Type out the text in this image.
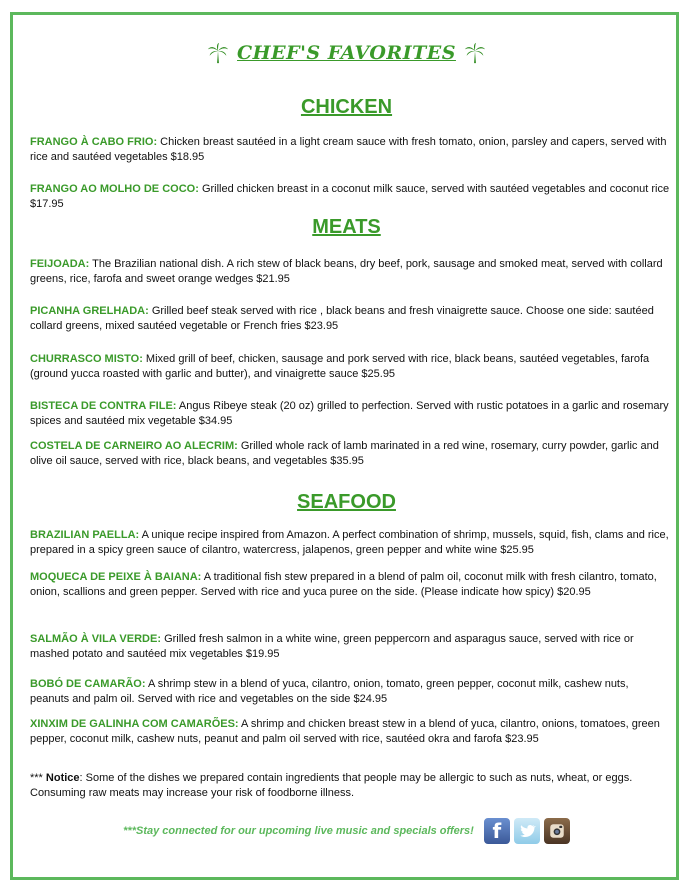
CHEF'S FAVORITES
CHICKEN
FRANGO À CABO FRIO: Chicken breast sautéed in a light cream sauce with fresh tomato, onion, parsley and capers, served with rice and sautéed vegetables $18.95
FRANGO AO MOLHO DE COCO: Grilled chicken breast in a coconut milk sauce, served with sautéed vegetables and coconut rice $17.95
MEATS
FEIJOADA: The Brazilian national dish. A rich stew of black beans, dry beef, pork, sausage and smoked meat, served with collard greens, rice, farofa and sweet orange wedges $21.95
PICANHA GRELHADA: Grilled beef steak served with rice , black beans and fresh vinaigrette sauce. Choose one side: sautéed collard greens, mixed sautéed vegetable or French fries $23.95
CHURRASCO MISTO: Mixed grill of beef, chicken, sausage and pork served with rice, black beans, sautéed vegetables, farofa (ground yucca roasted with garlic and butter), and vinaigrette sauce $25.95
BISTECA DE CONTRA FILE: Angus Ribeye steak (20 oz) grilled to perfection. Served with rustic potatoes in a garlic and rosemary spices and sautéed mix vegetable $34.95
COSTELA DE CARNEIRO AO ALECRIM: Grilled whole rack of lamb marinated in a red wine, rosemary, curry powder, garlic and olive oil sauce, served with rice, black beans, and vegetables $35.95
SEAFOOD
BRAZILIAN PAELLA: A unique recipe inspired from Amazon. A perfect combination of shrimp, mussels, squid, fish, clams and rice, prepared in a spicy green sauce of cilantro, watercress, jalapenos, green pepper and white wine $25.95
MOQUECA DE PEIXE À BAIANA: A traditional fish stew prepared in a blend of palm oil, coconut milk with fresh cilantro, tomato, onion, scallions and green pepper. Served with rice and yuca puree on the side. (Please indicate how spicy) $20.95
SALMÃO À VILA VERDE: Grilled fresh salmon in a white wine, green peppercorn and asparagus sauce, served with rice or mashed potato and sautéed mix vegetables $19.95
BOBÓ DE CAMARÃO: A shrimp stew in a blend of yuca, cilantro, onion, tomato, green pepper, coconut milk, cashew nuts, peanuts and palm oil. Served with rice and vegetables on the side $24.95
XINXIM DE GALINHA COM CAMARÕES: A shrimp and chicken breast stew in a blend of yuca, cilantro, onions, tomatoes, green pepper, coconut milk, cashew nuts, peanut and palm oil served with rice, sautéed okra and farofa $23.95
*** Notice: Some of the dishes we prepared contain ingredients that people may be allergic to such as nuts, wheat, or eggs. Consuming raw meats may increase your risk of foodborne illness.
***Stay connected for our upcoming live music and specials offers! f
